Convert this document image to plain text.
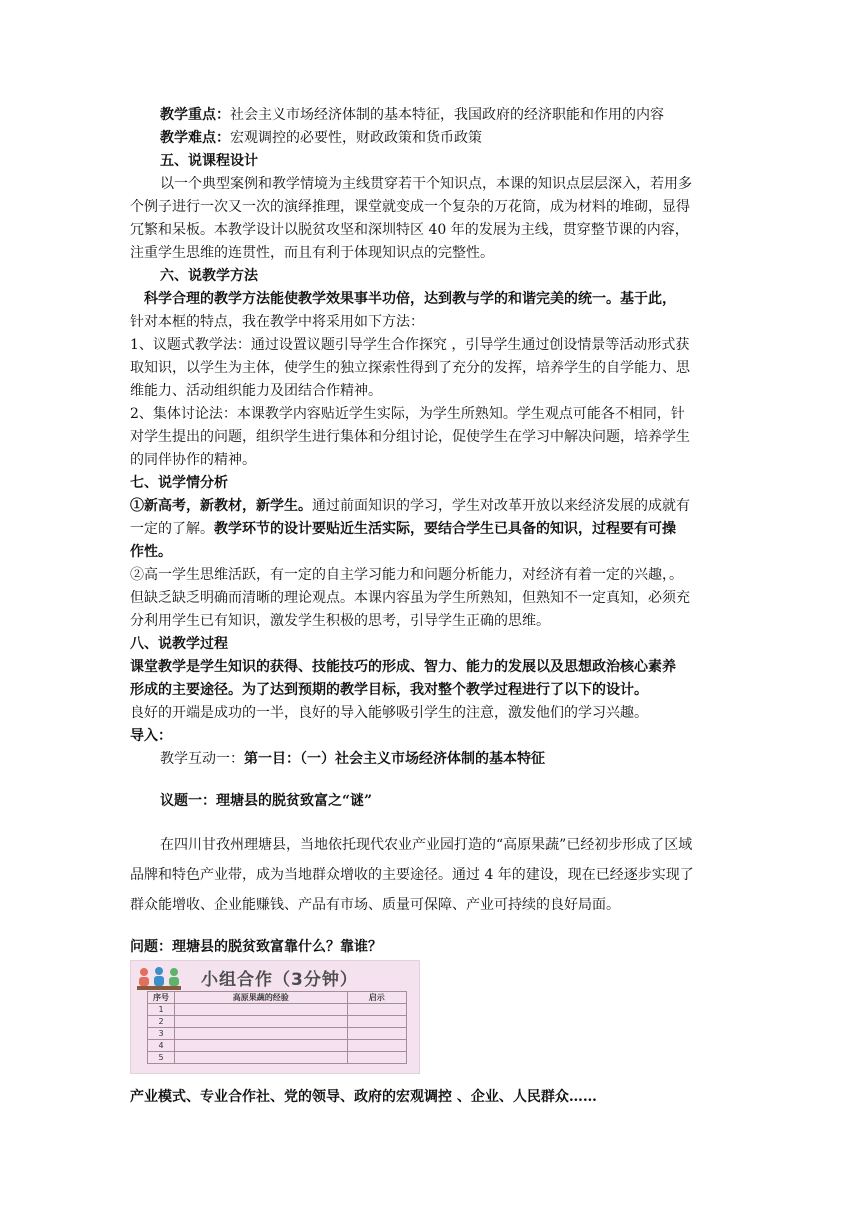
教学重点：社会主义市场经济体制的基本特征，我国政府的经济职能和作用的内容
教学难点：宏观调控的必要性，财政政策和货币政策
五、说课程设计
以一个典型案例和教学情境为主线贯穿若干个知识点，本课的知识点层层深入，若用多
个例子进行一次又一次的演绎推理，课堂就变成一个复杂的万花筒，成为材料的堆砌，显得
冗繁和呆板。本教学设计以脱贫攻坚和深圳特区 40 年的发展为主线，贯穿整节课的内容，
注重学生思维的连贯性，而且有利于体现知识点的完整性。
六、说教学方法
科学合理的教学方法能使教学效果事半功倍，达到教与学的和谐完美的统一。基于此，
针对本框的特点，我在教学中将采用如下方法：
1、议题式教学法：通过设置议题引导学生合作探究 ，引导学生通过创设情景等活动形式获
取知识，以学生为主体，使学生的独立探索性得到了充分的发挥，培养学生的自学能力、思
维能力、活动组织能力及团结合作精神。
2、集体讨论法：本课教学内容贴近学生实际，为学生所熟知。学生观点可能各不相同，针
对学生提出的问题，组织学生进行集体和分组讨论，促使学生在学习中解决问题，培养学生
的同伴协作的精神。
七、说学情分析
①新高考，新教材，新学生。通过前面知识的学习，学生对改革开放以来经济发展的成就有
一定的了解。教学环节的设计要贴近生活实际，要结合学生已具备的知识，过程要有可操
作性。
②高一学生思维活跃，有一定的自主学习能力和问题分析能力，对经济有着一定的兴趣，。
但缺乏缺乏明确而清晰的理论观点。本课内容虽为学生所熟知，但熟知不一定真知，必须充
分利用学生已有知识，激发学生积极的思考，引导学生正确的思维。
八、说教学过程
课堂教学是学生知识的获得、技能技巧的形成、智力、能力的发展以及思想政治核心素养
形成的主要途径。为了达到预期的教学目标，我对整个教学过程进行了以下的设计。
良好的开端是成功的一半，良好的导入能够吸引学生的注意，激发他们的学习兴趣。
导入：
教学互动一：第一目：（一）社会主义市场经济体制的基本特征
议题一：理塘县的脱贫致富之“谜”
在四川甘孜州理塘县，当地依托现代农业产业园打造的“高原果蔬”已经初步形成了区域
品牌和特色产业带，成为当地群众增收的主要途径。通过 4 年的建设，现在已经逐步实现了
群众能增收、企业能赚钱、产品有市场、质量可保障、产业可持续的良好局面。
问题：理塘县的脱贫致富靠什么？靠谁？
小组合作（3分钟）
序号	高原果蔬的经验	启示
1		
2		
3		
4		
5		
产业模式、专业合作社、党的领导、政府的宏观调控 、企业、人民群众……
